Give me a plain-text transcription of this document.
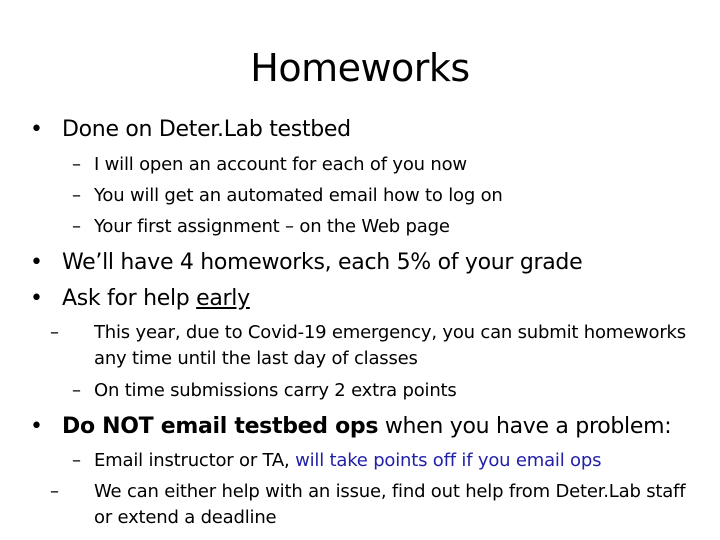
Homeworks
• Done on Deter.Lab testbed
– I will open an account for each of you now
– You will get an automated email how to log on
– Your first assignment – on the Web page
• We’ll have 4 homeworks, each 5% of your grade
• Ask for help early
– This year, due to Covid-19 emergency, you can submit homeworks any time until the last day of classes
– On time submissions carry 2 extra points
• Do NOT email testbed ops when you have a problem:
– Email instructor or TA, will take points off if you email ops
– We can either help with an issue, find out help from Deter.Lab staff or extend a deadline
